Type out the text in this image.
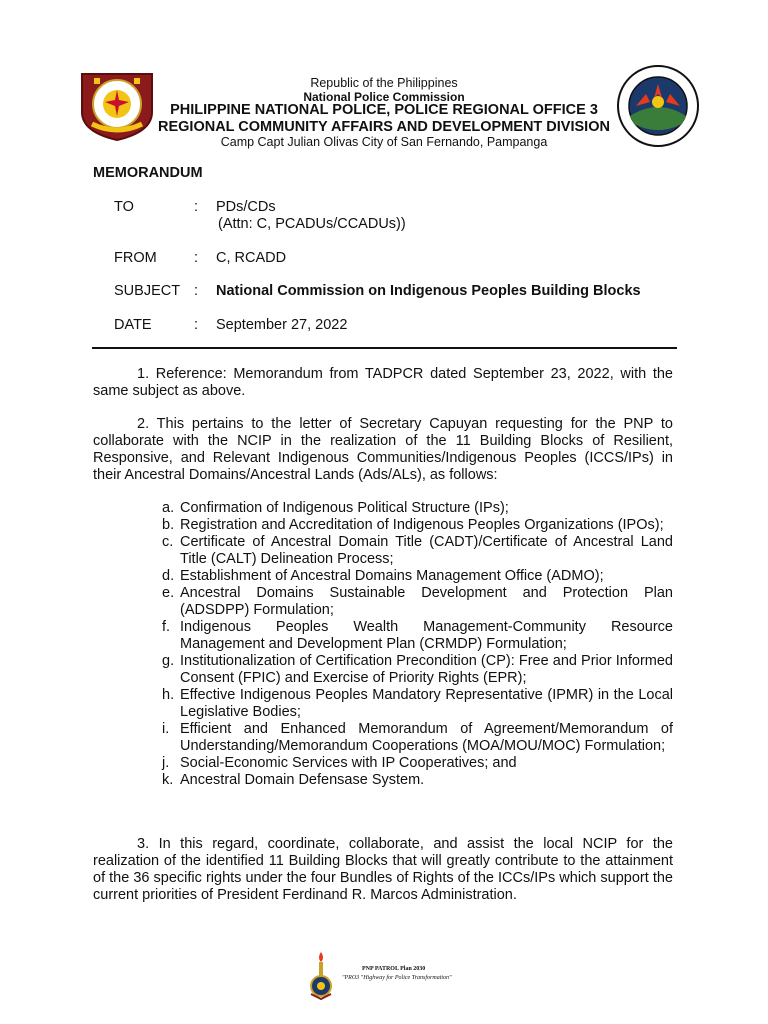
Republic of the Philippines
National Police Commission
PHILIPPINE NATIONAL POLICE, POLICE REGIONAL OFFICE 3
REGIONAL COMMUNITY AFFAIRS AND DEVELOPMENT DIVISION
Camp Capt Julian Olivas City of San Fernando, Pampanga
MEMORANDUM
TO	: PDs/CDs
(Attn: C, PCADUs/CCADUs))
FROM	: C, RCADD
SUBJECT : National Commission on Indigenous Peoples Building Blocks
DATE	: September 27, 2022
1. Reference: Memorandum from TADPCR dated September 23, 2022, with the same subject as above.
2. This pertains to the letter of Secretary Capuyan requesting for the PNP to collaborate with the NCIP in the realization of the 11 Building Blocks of Resilient, Responsive, and Relevant Indigenous Communities/Indigenous Peoples (ICCS/IPs) in their Ancestral Domains/Ancestral Lands (Ads/ALs), as follows:
a. Confirmation of Indigenous Political Structure (IPs);
b. Registration and Accreditation of Indigenous Peoples Organizations (IPOs);
c. Certificate of Ancestral Domain Title (CADT)/Certificate of Ancestral Land Title (CALT) Delineation Process;
d. Establishment of Ancestral Domains Management Office (ADMO);
e. Ancestral Domains Sustainable Development and Protection Plan (ADSDPP) Formulation;
f. Indigenous Peoples Wealth Management-Community Resource Management and Development Plan (CRMDP) Formulation;
g. Institutionalization of Certification Precondition (CP): Free and Prior Informed Consent (FPIC) and Exercise of Priority Rights (EPR);
h. Effective Indigenous Peoples Mandatory Representative (IPMR) in the Local Legislative Bodies;
i. Efficient and Enhanced Memorandum of Agreement/Memorandum of Understanding/Memorandum Cooperations (MOA/MOU/MOC) Formulation;
j. Social-Economic Services with IP Cooperatives; and
k. Ancestral Domain Defensase System.
3. In this regard, coordinate, collaborate, and assist the local NCIP for the realization of the identified 11 Building Blocks that will greatly contribute to the attainment of the 36 specific rights under the four Bundles of Rights of the ICCs/IPs which support the current priorities of President Ferdinand R. Marcos Administration.
PNP PATROL Plan 2030
"PRO3 "Highway for Police Transformation"
